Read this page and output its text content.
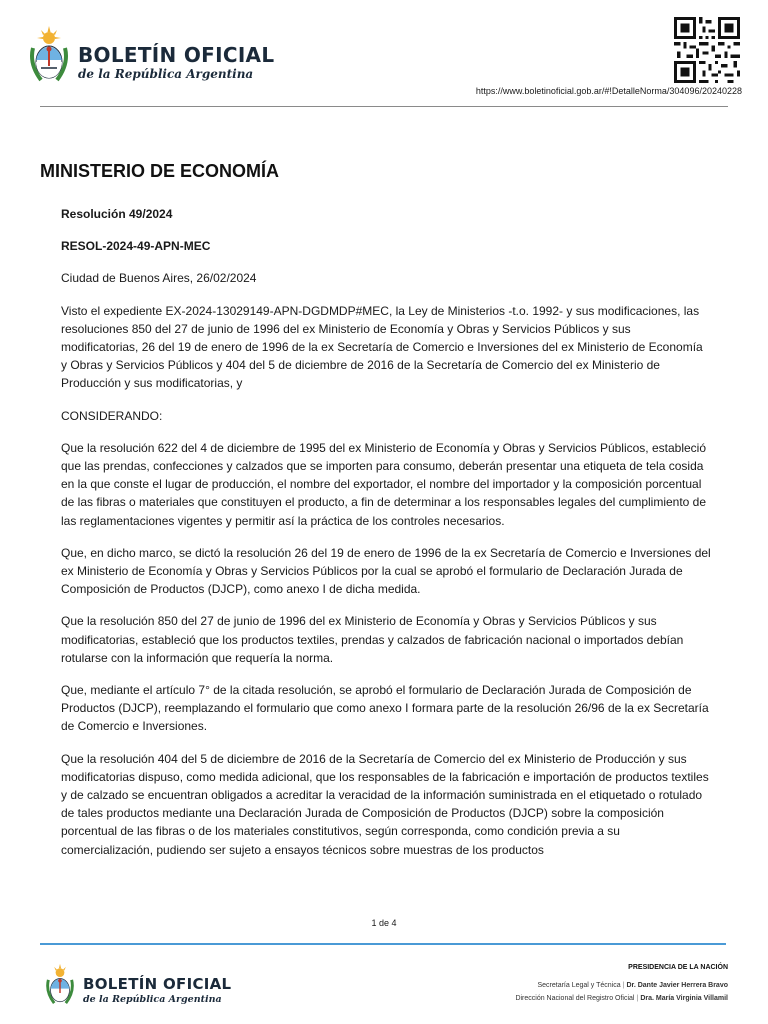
BOLETÍN OFICIAL
de la República Argentina
https://www.boletinoficial.gob.ar/#!DetalleNorma/304096/20240228
MINISTERIO DE ECONOMÍA

Resolución 49/2024

RESOL-2024-49-APN-MEC

Ciudad de Buenos Aires, 26/02/2024

Visto el expediente EX-2024-13029149-APN-DGDMDP#MEC, la Ley de Ministerios -t.o. 1992- y sus modificaciones, las resoluciones 850 del 27 de junio de 1996 del ex Ministerio de Economía y Obras y Servicios Públicos y sus modificatorias, 26 del 19 de enero de 1996 de la ex Secretaría de Comercio e Inversiones del ex Ministerio de Economía y Obras y Servicios Públicos y 404 del 5 de diciembre de 2016 de la Secretaría de Comercio del ex Ministerio de Producción y sus modificatorias, y

CONSIDERANDO:

Que la resolución 622 del 4 de diciembre de 1995 del ex Ministerio de Economía y Obras y Servicios Públicos, estableció que las prendas, confecciones y calzados que se importen para consumo, deberán presentar una etiqueta de tela cosida en la que conste el lugar de producción, el nombre del exportador, el nombre del importador y la composición porcentual de las fibras o materiales que constituyen el producto, a fin de determinar a los responsables legales del cumplimiento de las reglamentaciones vigentes y permitir así la práctica de los controles necesarios.

Que, en dicho marco, se dictó la resolución 26 del 19 de enero de 1996 de la ex Secretaría de Comercio e Inversiones del ex Ministerio de Economía y Obras y Servicios Públicos por la cual se aprobó el formulario de Declaración Jurada de Composición de Productos (DJCP), como anexo I de dicha medida.

Que la resolución 850 del 27 de junio de 1996 del ex Ministerio de Economía y Obras y Servicios Públicos y sus modificatorias, estableció que los productos textiles, prendas y calzados de fabricación nacional o importados debían rotularse con la información que requería la norma.

Que, mediante el artículo 7° de la citada resolución, se aprobó el formulario de Declaración Jurada de Composición de Productos (DJCP), reemplazando el formulario que como anexo I formara parte de la resolución 26/96 de la ex Secretaría de Comercio e Inversiones.

Que la resolución 404 del 5 de diciembre de 2016 de la Secretaría de Comercio del ex Ministerio de Producción y sus modificatorias dispuso, como medida adicional, que los responsables de la fabricación e importación de productos textiles y de calzado se encuentran obligados a acreditar la veracidad de la información suministrada en el etiquetado o rotulado de tales productos mediante una Declaración Jurada de Composición de Productos (DJCP) sobre la composición porcentual de las fibras o de los materiales constitutivos, según corresponda, como condición previa a su comercialización, pudiendo ser sujeto a ensayos técnicos sobre muestras de los productos

1 de 4
BOLETÍN OFICIAL
de la República Argentina
PRESIDENCIA DE LA NACIÓN
Secretaría Legal y Técnica | Dr. Dante Javier Herrera Bravo
Dirección Nacional del Registro Oficial | Dra. María Virginia Villamil
